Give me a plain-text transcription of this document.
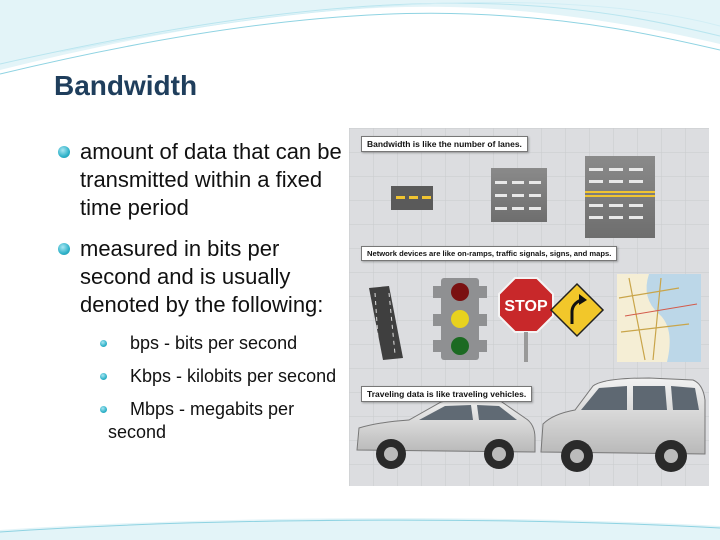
Bandwidth
amount of data that can be transmitted within a fixed time period
measured in bits per second and is usually denoted by the following:
bps - bits per second
Kbps - kilobits per second
Mbps - megabits per second
STOP
Bandwidth is like the number of lanes.
Network devices are like on-ramps, traffic signals, signs, and maps.
Traveling data is like traveling vehicles.
